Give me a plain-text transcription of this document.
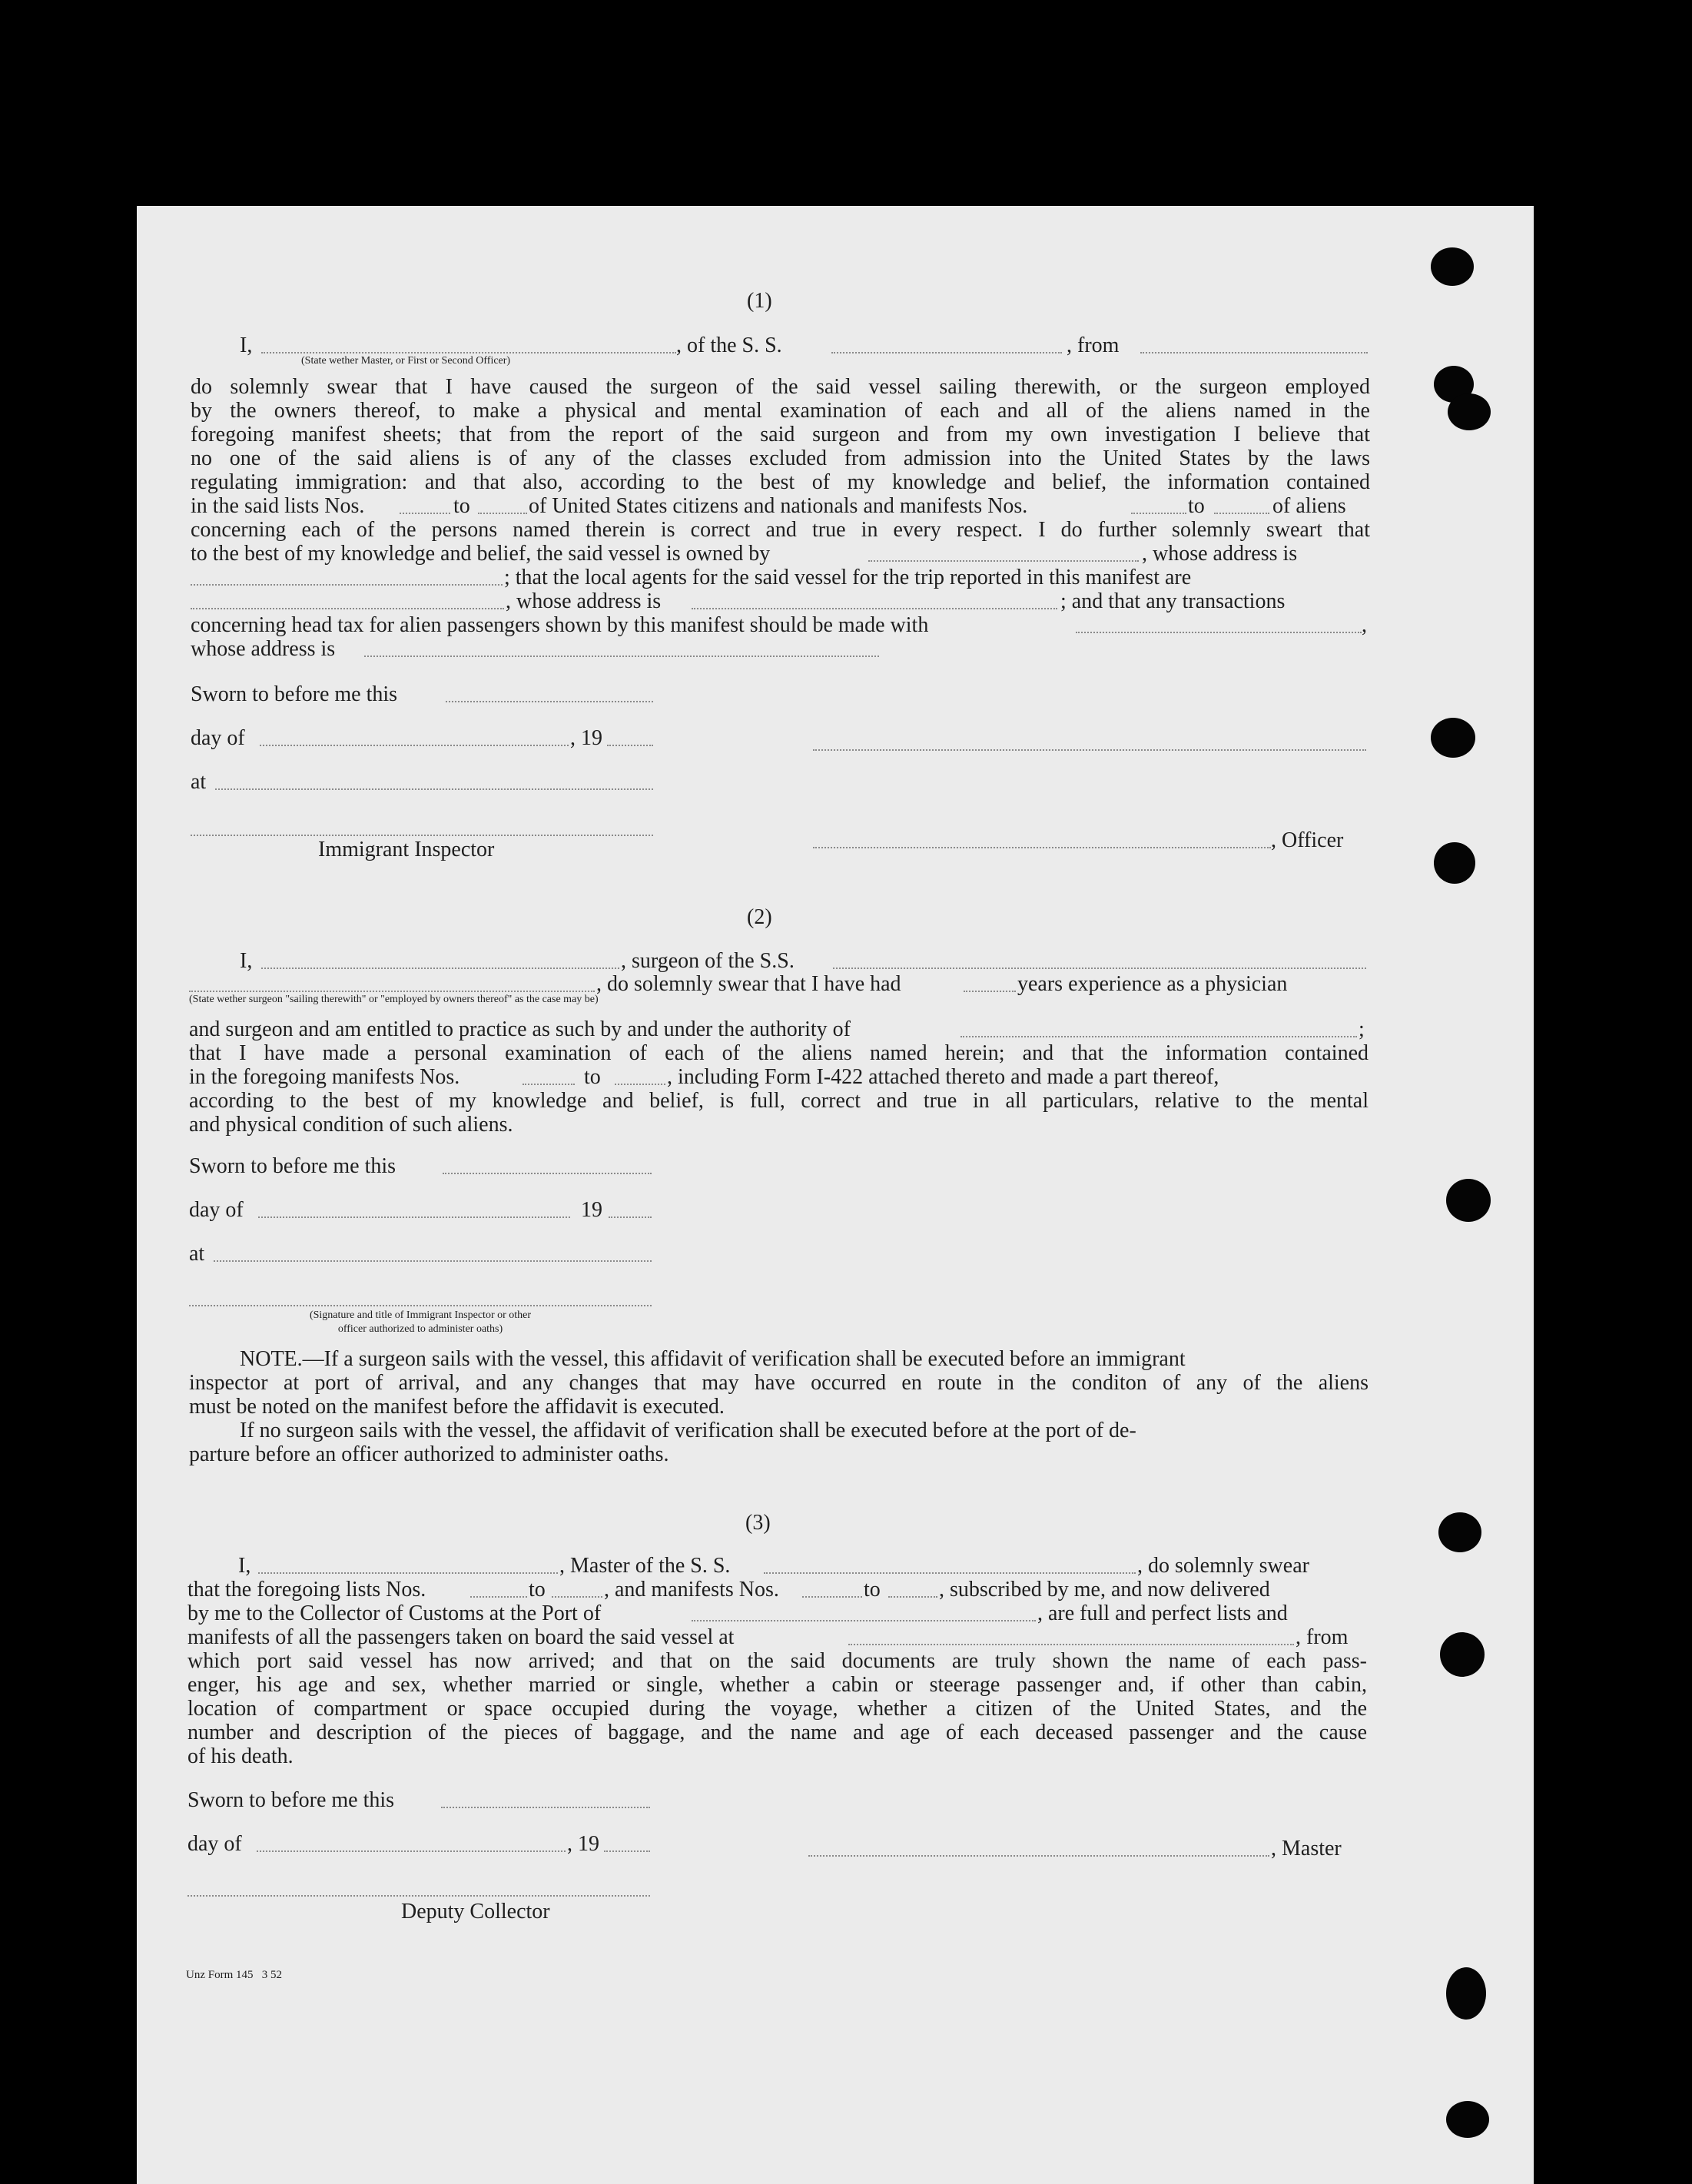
(1)
I,
(State wether Master, or First or Second Officer)
, of the S. S.	, from

do solemnly swear that I have caused the surgeon of the said vessel sailing therewith, or the surgeon employed

by the owners thereof, to make a physical and mental examination of each and all of the aliens named in the

foregoing manifest sheets; that from the report of the said surgeon and from my own investigation I believe that

no one of the said aliens is of any of the classes excluded from admission into the United States by the laws

regulating immigration: and that also, according to the best of my knowledge and belief, the information contained

in the said lists Nos.	to	of United States citizens and nationals and manifests Nos.	to	of aliens

concerning each of the persons named therein is correct and true in every respect. I do further solemnly sweart that

to the best of my knowledge and belief, the said vessel is owned by	, whose address is
; that the local agents for the said vessel for the trip reported in this manifest are
, whose address is	; and that any transactions
concerning head tax for alien passengers shown by this manifest should be made with	,
whose address is
Sworn to before me this
day of	, 19
at
Immigrant Inspector	, Officer
(2)
I,	, surgeon of the S.S.
(State wether surgeon "sailing therewith" or "employed by owners thereof" as the case may be)
, do solemnly swear that I have had	years experience as a physician
and surgeon and am entitled to practice as such by and under the authority of	;

that I have made a personal examination of each of the aliens named herein; and that the information contained

in the foregoing manifests Nos.	to	, including Form I-422 attached thereto and made a part thereof,

according to the best of my knowledge and belief, is full, correct and true in all particulars, relative to the mental

and physical condition of such aliens.

Sworn to before me this
day of	19
at
(Signature and title of Immigrant Inspector or other
officer authorized to administer oaths)
NOTE.—If a surgeon sails with the vessel, this affidavit of verification shall be executed before an immigrant

inspector at port of arrival, and any changes that may have occurred en route in the conditon of any of the aliens

must be noted on the manifest before the affidavit is executed.

If no surgeon sails with the vessel, the affidavit of verification shall be executed before at the port of de-
parture before an officer authorized to administer oaths.
(3)
I,	, Master of the S. S.	, do solemnly swear
that the foregoing lists Nos.	to	, and manifests Nos.	to	, subscribed by me, and now delivered
by me to the Collector of Customs at the Port of	, are full and perfect lists and
manifests of all the passengers taken on board the said vessel at	, from

which port said vessel has now arrived; and that on the said documents are truly shown the name of each pass-

enger, his age and sex, whether married or single, whether a cabin or steerage passenger and, if other than cabin,

location of compartment or space occupied during the voyage, whether a citizen of the United States, and the

number and description of the pieces of baggage, and the name and age of each deceased passenger and the cause

of his death.

Sworn to before me this
day of	, 19	, Master
Deputy Collector
Unz Form 145   3 52
